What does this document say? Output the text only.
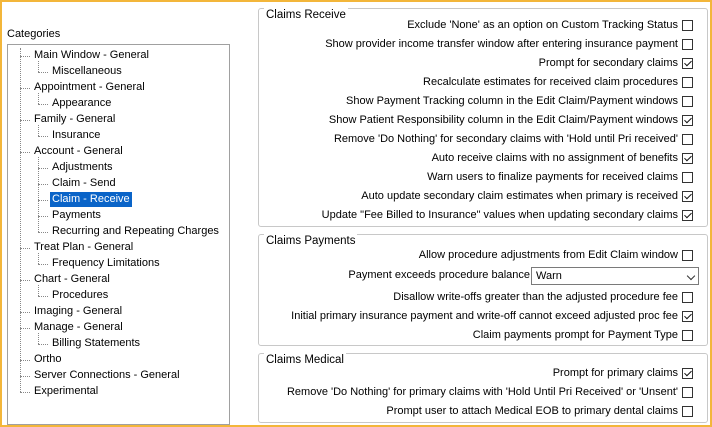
Categories
Main Window - General
Miscellaneous
Appointment - General
Appearance
Family - General
Insurance
Account - General
Adjustments
Claim - Send
Claim - Receive
Payments
Recurring and Repeating Charges
Treat Plan - General
Frequency Limitations
Chart - General
Procedures
Imaging - General
Manage - General
Billing Statements
Ortho
Server Connections - General
Experimental
Claims Receive
Exclude 'None' as an option on Custom Tracking Status
Show provider income transfer window after entering insurance payment
Prompt for secondary claims
Recalculate estimates for received claim procedures
Show Payment Tracking column in the Edit Claim/Payment windows
Show Patient Responsibility column in the Edit Claim/Payment windows
Remove 'Do Nothing' for secondary claims with 'Hold until Pri received'
Auto receive claims with no assignment of benefits
Warn users to finalize payments for received claims
Auto update secondary claim estimates when primary is received
Update "Fee Billed to Insurance" values when updating secondary claims
Claims Payments
Allow procedure adjustments from Edit Claim window
Payment exceeds procedure balance Warn
Disallow write-offs greater than the adjusted procedure fee
Initial primary insurance payment and write-off cannot exceed adjusted proc fee
Claim payments prompt for Payment Type
Claims Medical
Prompt for primary claims
Remove 'Do Nothing' for primary claims with 'Hold Until Pri Received' or 'Unsent'
Prompt user to attach Medical EOB to primary dental claims
